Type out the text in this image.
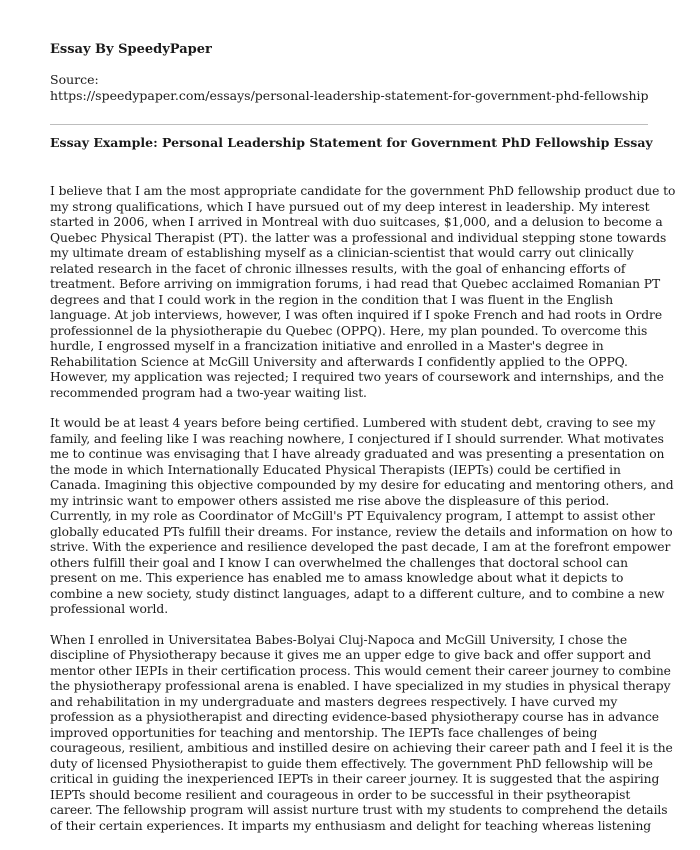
Essay By SpeedyPaper
Source:
https://speedypaper.com/essays/personal-leadership-statement-for-government-phd-fellowship
Essay Example: Personal Leadership Statement for Government PhD Fellowship Essay
I believe that I am the most appropriate candidate for the government PhD fellowship product due to
my strong qualifications, which I have pursued out of my deep interest in leadership. My interest
started in 2006, when I arrived in Montreal with duo suitcases, $1,000, and a delusion to become a
Quebec Physical Therapist (PT). the latter was a professional and individual stepping stone towards
my ultimate dream of establishing myself as a clinician-scientist that would carry out clinically
related research in the facet of chronic illnesses results, with the goal of enhancing efforts of
treatment. Before arriving on immigration forums, i had read that Quebec acclaimed Romanian PT
degrees and that I could work in the region in the condition that I was fluent in the English
language. At job interviews, however, I was often inquired if I spoke French and had roots in Ordre
professionnel de la physiotherapie du Quebec (OPPQ). Here, my plan pounded. To overcome this
hurdle, I engrossed myself in a francization initiative and enrolled in a Master's degree in
Rehabilitation Science at McGill University and afterwards I confidently applied to the OPPQ.
However, my application was rejected; I required two years of coursework and internships, and the
recommended program had a two-year waiting list.
It would be at least 4 years before being certified. Lumbered with student debt, craving to see my
family, and feeling like I was reaching nowhere, I conjectured if I should surrender. What motivates
me to continue was envisaging that I have already graduated and was presenting a presentation on
the mode in which Internationally Educated Physical Therapists (IEPTs) could be certified in
Canada. Imagining this objective compounded by my desire for educating and mentoring others, and
my intrinsic want to empower others assisted me rise above the displeasure of this period.
Currently, in my role as Coordinator of McGill's PT Equivalency program, I attempt to assist other
globally educated PTs fulfill their dreams. For instance, review the details and information on how to
strive. With the experience and resilience developed the past decade, I am at the forefront empower
others fulfill their goal and I know I can overwhelmed the challenges that doctoral school can
present on me. This experience has enabled me to amass knowledge about what it depicts to
combine a new society, study distinct languages, adapt to a different culture, and to combine a new
professional world.
When I enrolled in Universitatea Babes-Bolyai Cluj-Napoca and McGill University, I chose the
discipline of Physiotherapy because it gives me an upper edge to give back and offer support and
mentor other IEPIs in their certification process. This would cement their career journey to combine
the physiotherapy professional arena is enabled. I have specialized in my studies in physical therapy
and rehabilitation in my undergraduate and masters degrees respectively. I have curved my
profession as a physiotherapist and directing evidence-based physiotherapy course has in advance
improved opportunities for teaching and mentorship. The IEPTs face challenges of being
courageous, resilient, ambitious and instilled desire on achieving their career path and I feel it is the
duty of licensed Physiotherapist to guide them effectively. The government PhD fellowship will be
critical in guiding the inexperienced IEPTs in their career journey. It is suggested that the aspiring
IEPTs should become resilient and courageous in order to be successful in their psytheorapist
career. The fellowship program will assist nurture trust with my students to comprehend the details
of their certain experiences. It imparts my enthusiasm and delight for teaching whereas listening
